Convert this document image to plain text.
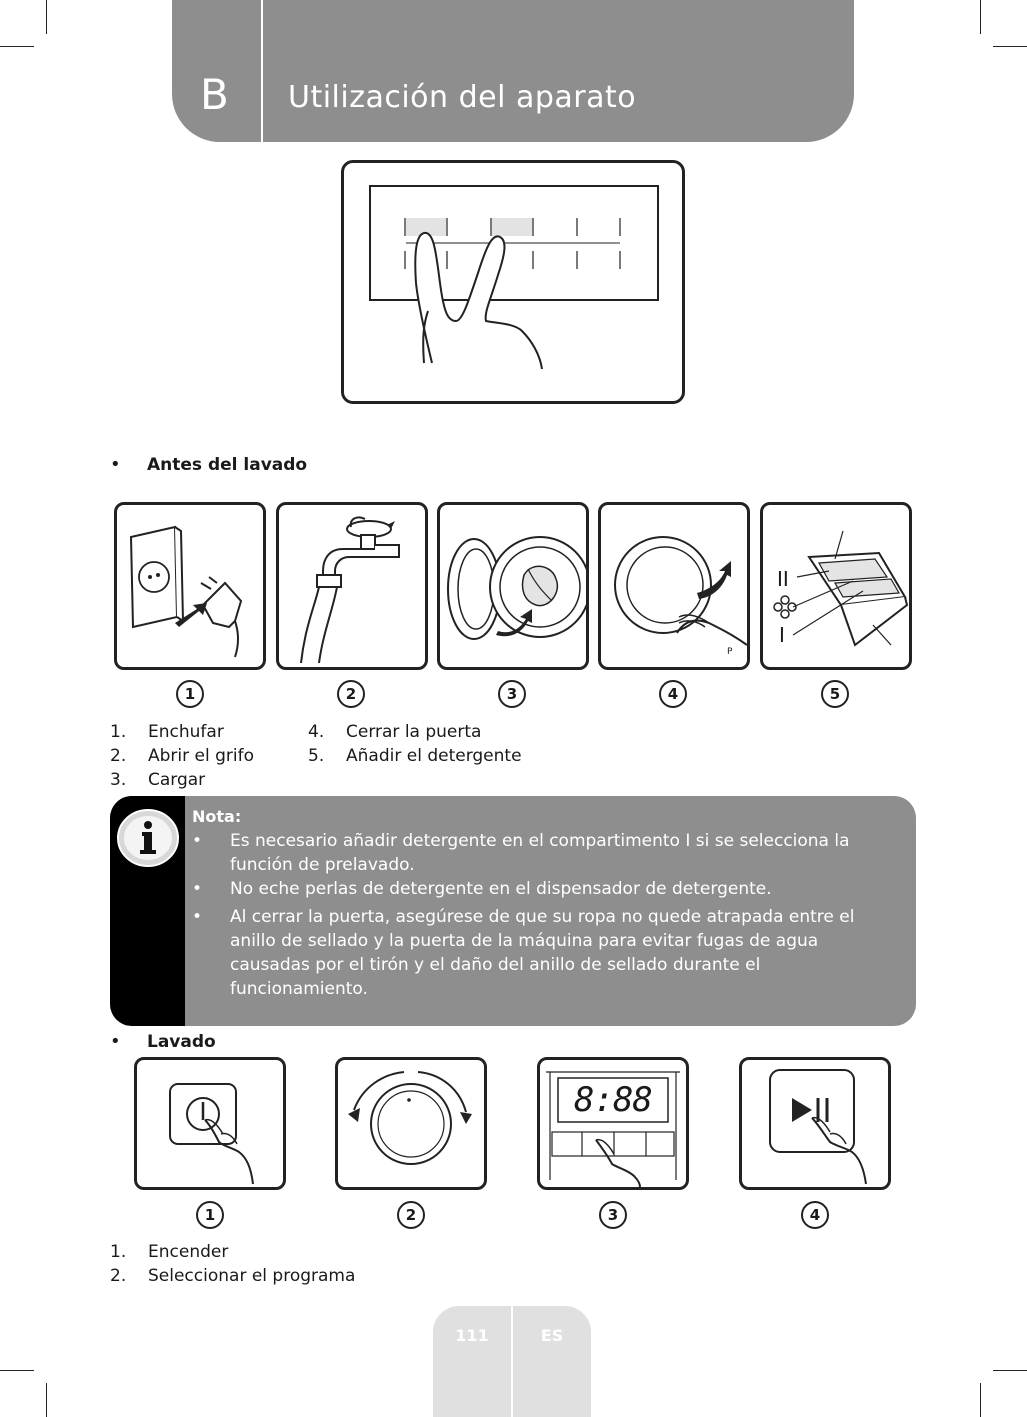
B Utilización del aparato
• Antes del lavado
P
II
I
1	2	3	4	5
1. Enchufar
2. Abrir el grifo
3. Cargar
4. Cerrar la puerta
5. Añadir el detergente
Nota:
• Es necesario añadir detergente en el compartimento I si se selecciona la función de prelavado.
• No eche perlas de detergente en el dispensador de detergente.
• Al cerrar la puerta, asegúrese de que su ropa no quede atrapada entre el anillo de sellado y la puerta de la máquina para evitar fugas de agua causadas por el tirón y el daño del anillo de sellado durante el funcionamiento.
• Lavado
8:88
1	2	3	4
1. Encender
2. Seleccionar el programa
111	ES
